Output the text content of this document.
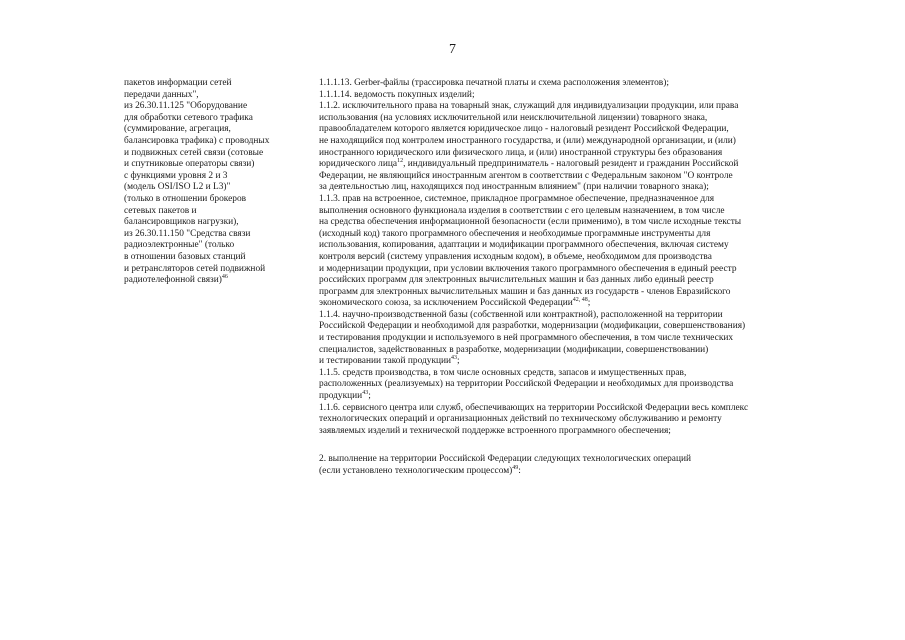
7
пакетов информации сетей
передачи данных",
из 26.30.11.125 "Оборудование
для обработки сетевого трафика
(суммирование, агрегация,
балансировка трафика) с проводных
и подвижных сетей связи (сотовые
и спутниковые операторы связи)
с функциями уровня 2 и 3
(модель OSI/ISO L2 и L3)"
(только в отношении брокеров
сетевых пакетов и
балансировщиков нагрузки),
из 26.30.11.150 "Средства связи
радиоэлектронные" (только
в отношении базовых станций
и ретрансляторов сетей подвижной
радиотелефонной связи)$^{46}$
1.1.1.13. Gerber-файлы (трассировка печатной платы и схема расположения элементов);
1.1.1.14. ведомость покупных изделий;
1.1.2. исключительного права на товарный знак, служащий для индивидуализации продукции, или права
использования (на условиях исключительной или неисключительной лицензии) товарного знака,
правообладателем которого является юридическое лицо - налоговый резидент Российской Федерации,
не находящийся под контролем иностранного государства, и (или) международной организации, и (или)
иностранного юридического или физического лица, и (или) иностранной структуры без образования
юридического лица$^{12}$, индивидуальный предприниматель - налоговый резидент и гражданин Российской
Федерации, не являющийся иностранным агентом в соответствии с Федеральным законом "О контроле
за деятельностью лиц, находящихся под иностранным влиянием" (при наличии товарного знака);
1.1.3. прав на встроенное, системное, прикладное программное обеспечение, предназначенное для
выполнения основного функционала изделия в соответствии с его целевым назначением, в том числе
на средства обеспечения информационной безопасности (если применимо), в том числе исходные тексты
(исходный код) такого программного обеспечения и необходимые программные инструменты для
использования, копирования, адаптации и модификации программного обеспечения, включая систему
контроля версий (систему управления исходным кодом), в объеме, необходимом для производства
и модернизации продукции, при условии включения такого программного обеспечения в единый реестр
российских программ для электронных вычислительных машин и баз данных либо единый реестр
программ для электронных вычислительных машин и баз данных из государств - членов Евразийского
экономического союза, за исключением Российской Федерации$^{42, 48}$;
1.1.4. научно-производственной базы (собственной или контрактной), расположенной на территории
Российской Федерации и необходимой для разработки, модернизации (модификации, совершенствования)
и тестирования продукции и используемого в ней программного обеспечения, в том числе технических
специалистов, задействованных в разработке, модернизации (модификации, совершенствовании)
и тестировании такой продукции$^{43}$;
1.1.5. средств производства, в том числе основных средств, запасов и имущественных прав,
расположенных (реализуемых) на территории Российской Федерации и необходимых для производства
продукции$^{43}$;
1.1.6. сервисного центра или служб, обеспечивающих на территории Российской Федерации весь комплекс
технологических операций и организационных действий по техническому обслуживанию и ремонту
заявляемых изделий и технической поддержке встроенного программного обеспечения;
2. выполнение на территории Российской Федерации следующих технологических операций
(если установлено технологическим процессом)$^{49}$:
